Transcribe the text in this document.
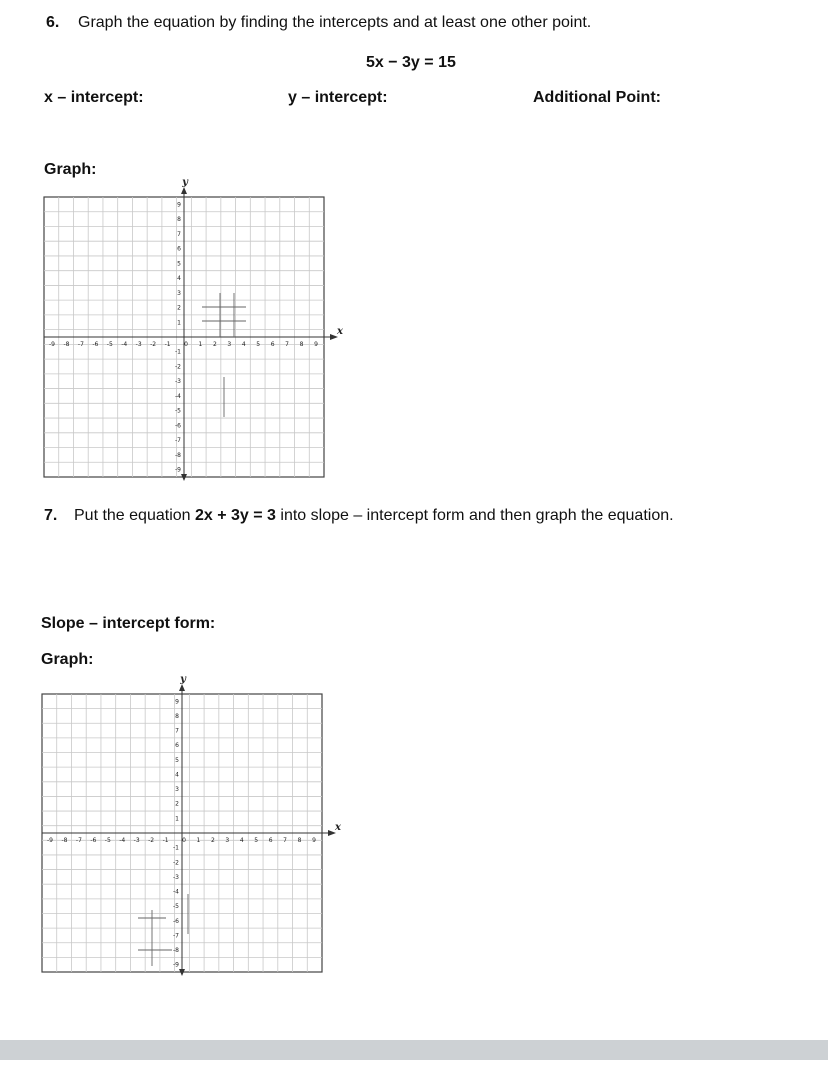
6. Graph the equation by finding the intercepts and at least one other point.
5x − 3y = 15
x – intercept:	y – intercept:	Additional Point:
Graph:
x
y
-9 -8 -7 -6 -5 -4 -3 -2 -1 0 1 2 3 4 5 6 7 8 9
9
8
7
6
5
4
3
2
1
-1
-2
-3
-4
-5
-6
-7
-8
-9
7. Put the equation 2x + 3y = 3 into slope – intercept form and then graph the equation.
Slope – intercept form:
Graph:
x
y
-9 -8 -7 -6 -5 -4 -3 -2 -1 0 1 2 3 4 5 6 7 8 9
9
8
7
6
5
4
3
2
1
-1
-2
-3
-4
-5
-6
-7
-8
-9
